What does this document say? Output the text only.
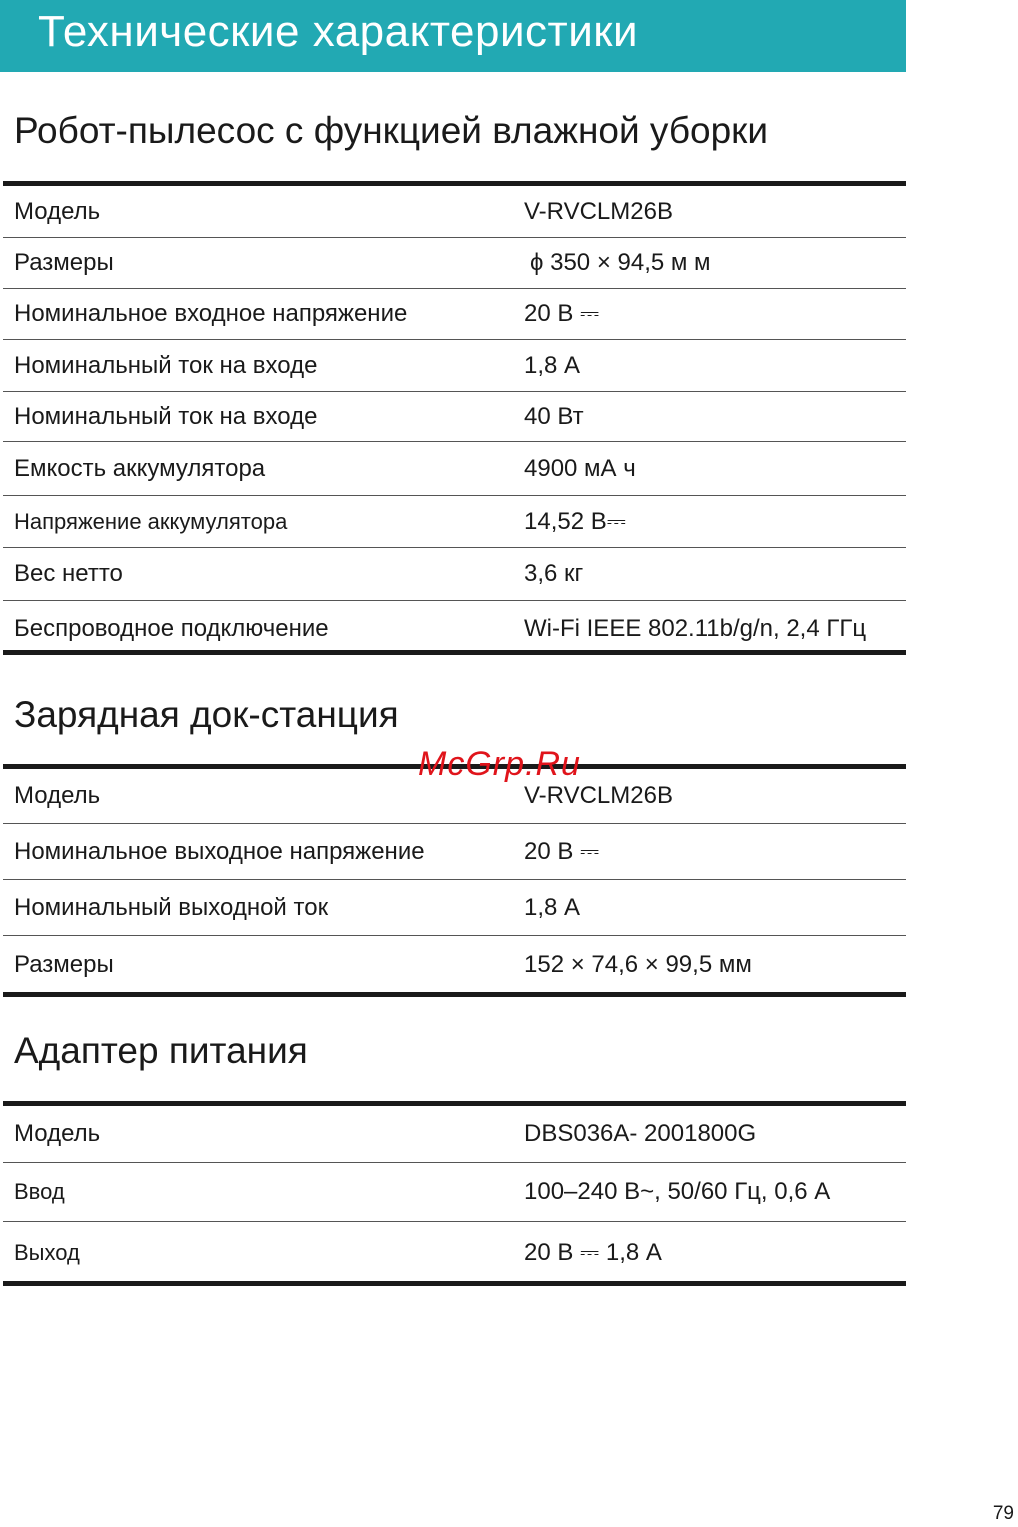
Технические характеристики
Робот-пылесос с функцией влажной уборки
Модель	V-RVCLM26B
Размеры	ϕ 350 × 94,5 м м
Номинальное входное напряжение	20 В ⎓
Номинальный ток на входе	1,8 А
Номинальный ток на входе	40 Вт
Емкость аккумулятора	4900 мА ч
Напряжение аккумулятора	14,52 В⎓
Вес нетто	3,6 кг
Беспроводное подключение	Wi-Fi IEEE 802.11b/g/n, 2,4 ГГц
Зарядная док-станция
Модель	V-RVCLM26B
Номинальное выходное напряжение	20 В ⎓
Номинальный выходной ток	1,8 А
Размеры	152 × 74,6 × 99,5 мм
Адаптер питания
Модель	DBS036A- 2001800G
Ввод	100–240 В~, 50/60 Гц, 0,6 А
Выход	20 В ⎓ 1,8 А
McGrp.Ru
79
